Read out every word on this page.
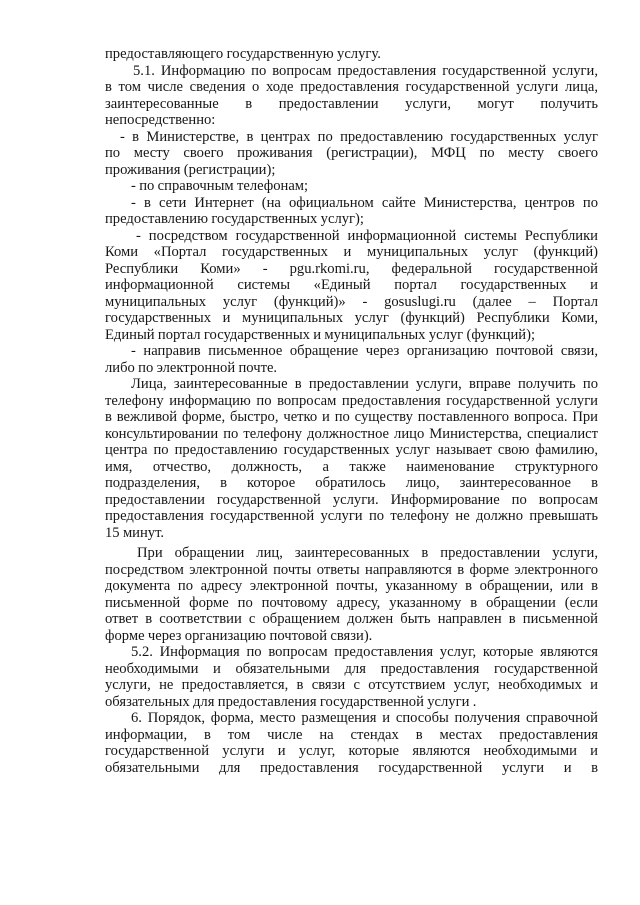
предоставляющего государственную услугу.
5.1. Информацию по вопросам предоставления государственной услуги,
в том числе сведения о ходе предоставления государственной услуги лица,
заинтересованные в предоставлении услуги, могут получить
непосредственно:
- в Министерстве, в центрах по предоставлению государственных услуг
по месту своего проживания (регистрации), МФЦ по месту своего
проживания (регистрации);
- по справочным телефонам;
- в сети Интернет (на официальном сайте Министерства, центров по
предоставлению государственных услуг);
- посредством государственной информационной системы Республики
Коми «Портал государственных и муниципальных услуг (функций)
Республики Коми» - pgu.rkomi.ru, федеральной государственной
информационной системы «Единый портал государственных и
муниципальных услуг (функций)» - gosuslugi.ru (далее – Портал
государственных и муниципальных услуг (функций) Республики Коми,
Единый портал государственных и муниципальных услуг (функций);
- направив письменное обращение через организацию почтовой связи,
либо по электронной почте.
Лица, заинтересованные в предоставлении услуги, вправе получить по
телефону информацию по вопросам предоставления государственной услуги
в вежливой форме, быстро, четко и по существу поставленного вопроса. При
консультировании по телефону должностное лицо Министерства, специалист
центра по предоставлению государственных услуг называет свою фамилию,
имя, отчество, должность, а также наименование структурного
подразделения, в которое обратилось лицо, заинтересованное в
предоставлении государственной услуги. Информирование по вопросам
предоставления государственной услуги по телефону не должно превышать
15 минут.
При обращении лиц, заинтересованных в предоставлении услуги,
посредством электронной почты ответы направляются в форме электронного
документа по адресу электронной почты, указанному в обращении, или в
письменной форме по почтовому адресу, указанному в обращении (если
ответ в соответствии с обращением должен быть направлен в письменной
форме через организацию почтовой связи).
5.2. Информация по вопросам предоставления услуг, которые являются
необходимыми и обязательными для предоставления государственной
услуги, не предоставляется, в связи с отсутствием услуг, необходимых и
обязательных для предоставления государственной услуги .
6. Порядок, форма, место размещения и способы получения справочной
информации, в том числе на стендах в местах предоставления
государственной услуги и услуг, которые являются необходимыми и
обязательными для предоставления государственной услуги и в
